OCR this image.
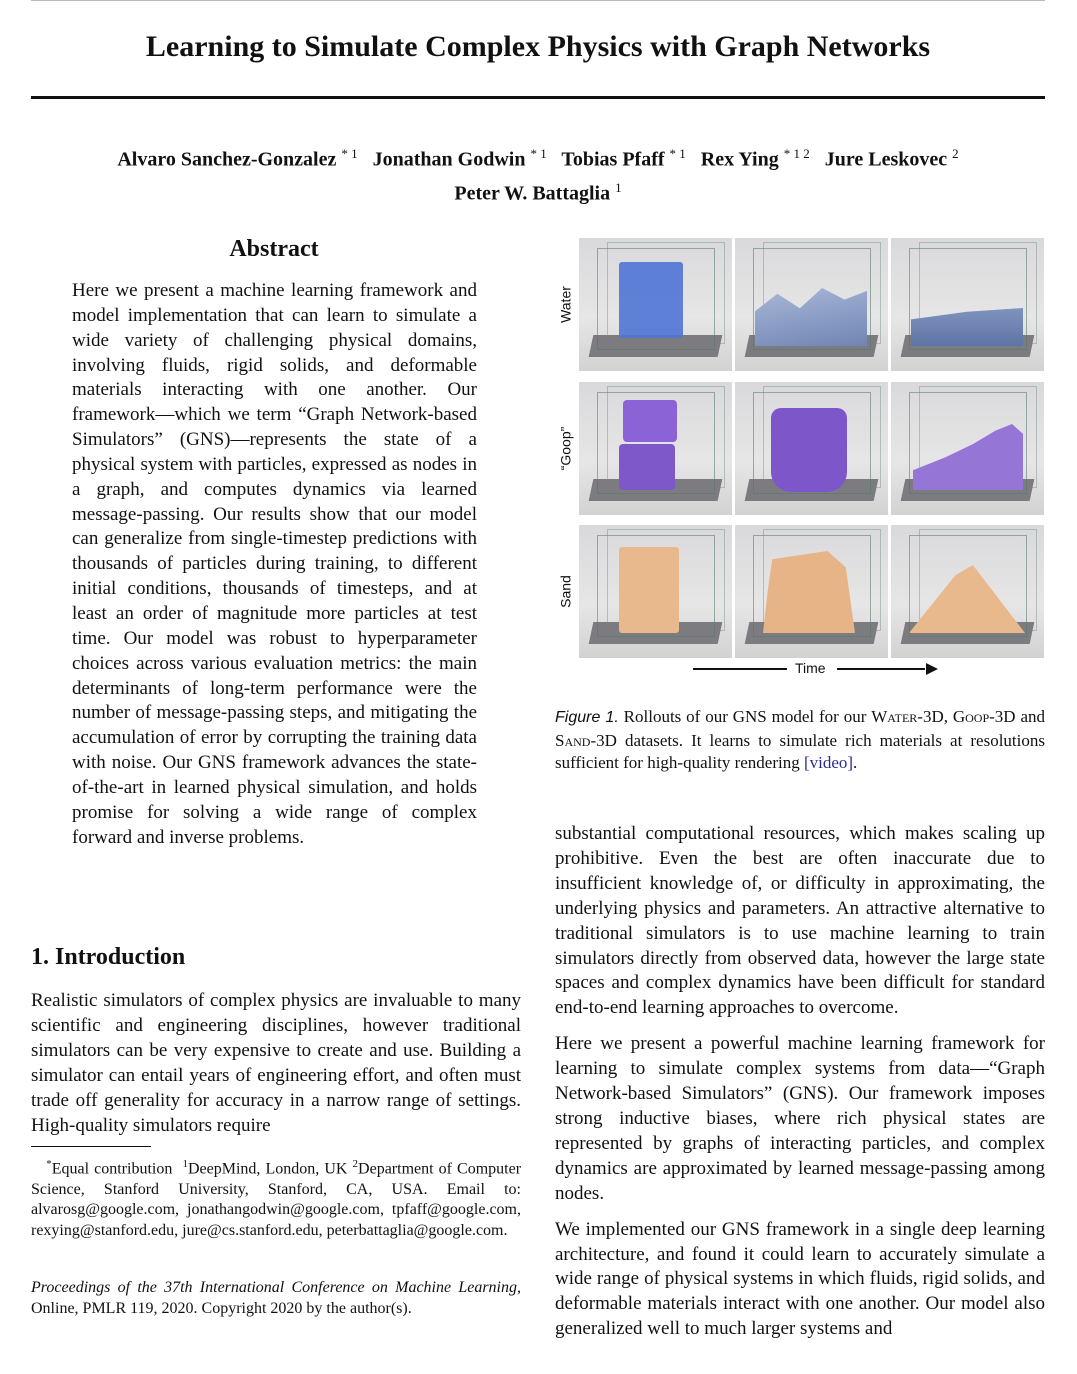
Learning to Simulate Complex Physics with Graph Networks
Alvaro Sanchez-Gonzalez $^{* 1}$ Jonathan Godwin $^{* 1}$ Tobias Pfaff $^{* 1}$ Rex Ying $^{* 1 2}$ Jure Leskovec $^2$
Peter W. Battaglia $^1$
Abstract
Here we present a machine learning framework and model implementation that can learn to simulate a wide variety of challenging physical domains, involving fluids, rigid solids, and deformable materials interacting with one another. Our framework—which we term “Graph Network-based Simulators” (GNS)—represents the state of a physical system with particles, expressed as nodes in a graph, and computes dynamics via learned message-passing. Our results show that our model can generalize from single-timestep predictions with thousands of particles during training, to different initial conditions, thousands of timesteps, and at least an order of magnitude more particles at test time. Our model was robust to hyperparameter choices across various evaluation metrics: the main determinants of long-term performance were the number of message-passing steps, and mitigating the accumulation of error by corrupting the training data with noise. Our GNS framework advances the state-of-the-art in learned physical simulation, and holds promise for solving a wide range of complex forward and inverse problems.
1. Introduction
Realistic simulators of complex physics are invaluable to many scientific and engineering disciplines, however traditional simulators can be very expensive to create and use. Building a simulator can entail years of engineering effort, and often must trade off generality for accuracy in a narrow range of settings. High-quality simulators require
*Equal contribution $^1$DeepMind, London, UK $^2$Department of Computer Science, Stanford University, Stanford, CA, USA. Email to: alvarosg@google.com, jonathangodwin@google.com, tpfaff@google.com, rexying@stanford.edu, jure@cs.stanford.edu, peterbattaglia@google.com.
Proceedings of the 37th International Conference on Machine Learning, Online, PMLR 119, 2020. Copyright 2020 by the author(s).
Water
“Goop”
Sand
Time
Figure 1. Rollouts of our GNS model for our Water-3D, Goop-3D and Sand-3D datasets. It learns to simulate rich materials at resolutions sufficient for high-quality rendering [video].

substantial computational resources, which makes scaling up prohibitive. Even the best are often inaccurate due to insufficient knowledge of, or difficulty in approximating, the underlying physics and parameters. An attractive alternative to traditional simulators is to use machine learning to train simulators directly from observed data, however the large state spaces and complex dynamics have been difficult for standard end-to-end learning approaches to overcome.

Here we present a powerful machine learning framework for learning to simulate complex systems from data—“Graph Network-based Simulators” (GNS). Our framework imposes strong inductive biases, where rich physical states are represented by graphs of interacting particles, and complex dynamics are approximated by learned message-passing among nodes.

We implemented our GNS framework in a single deep learning architecture, and found it could learn to accurately simulate a wide range of physical systems in which fluids, rigid solids, and deformable materials interact with one another. Our model also generalized well to much larger systems and
